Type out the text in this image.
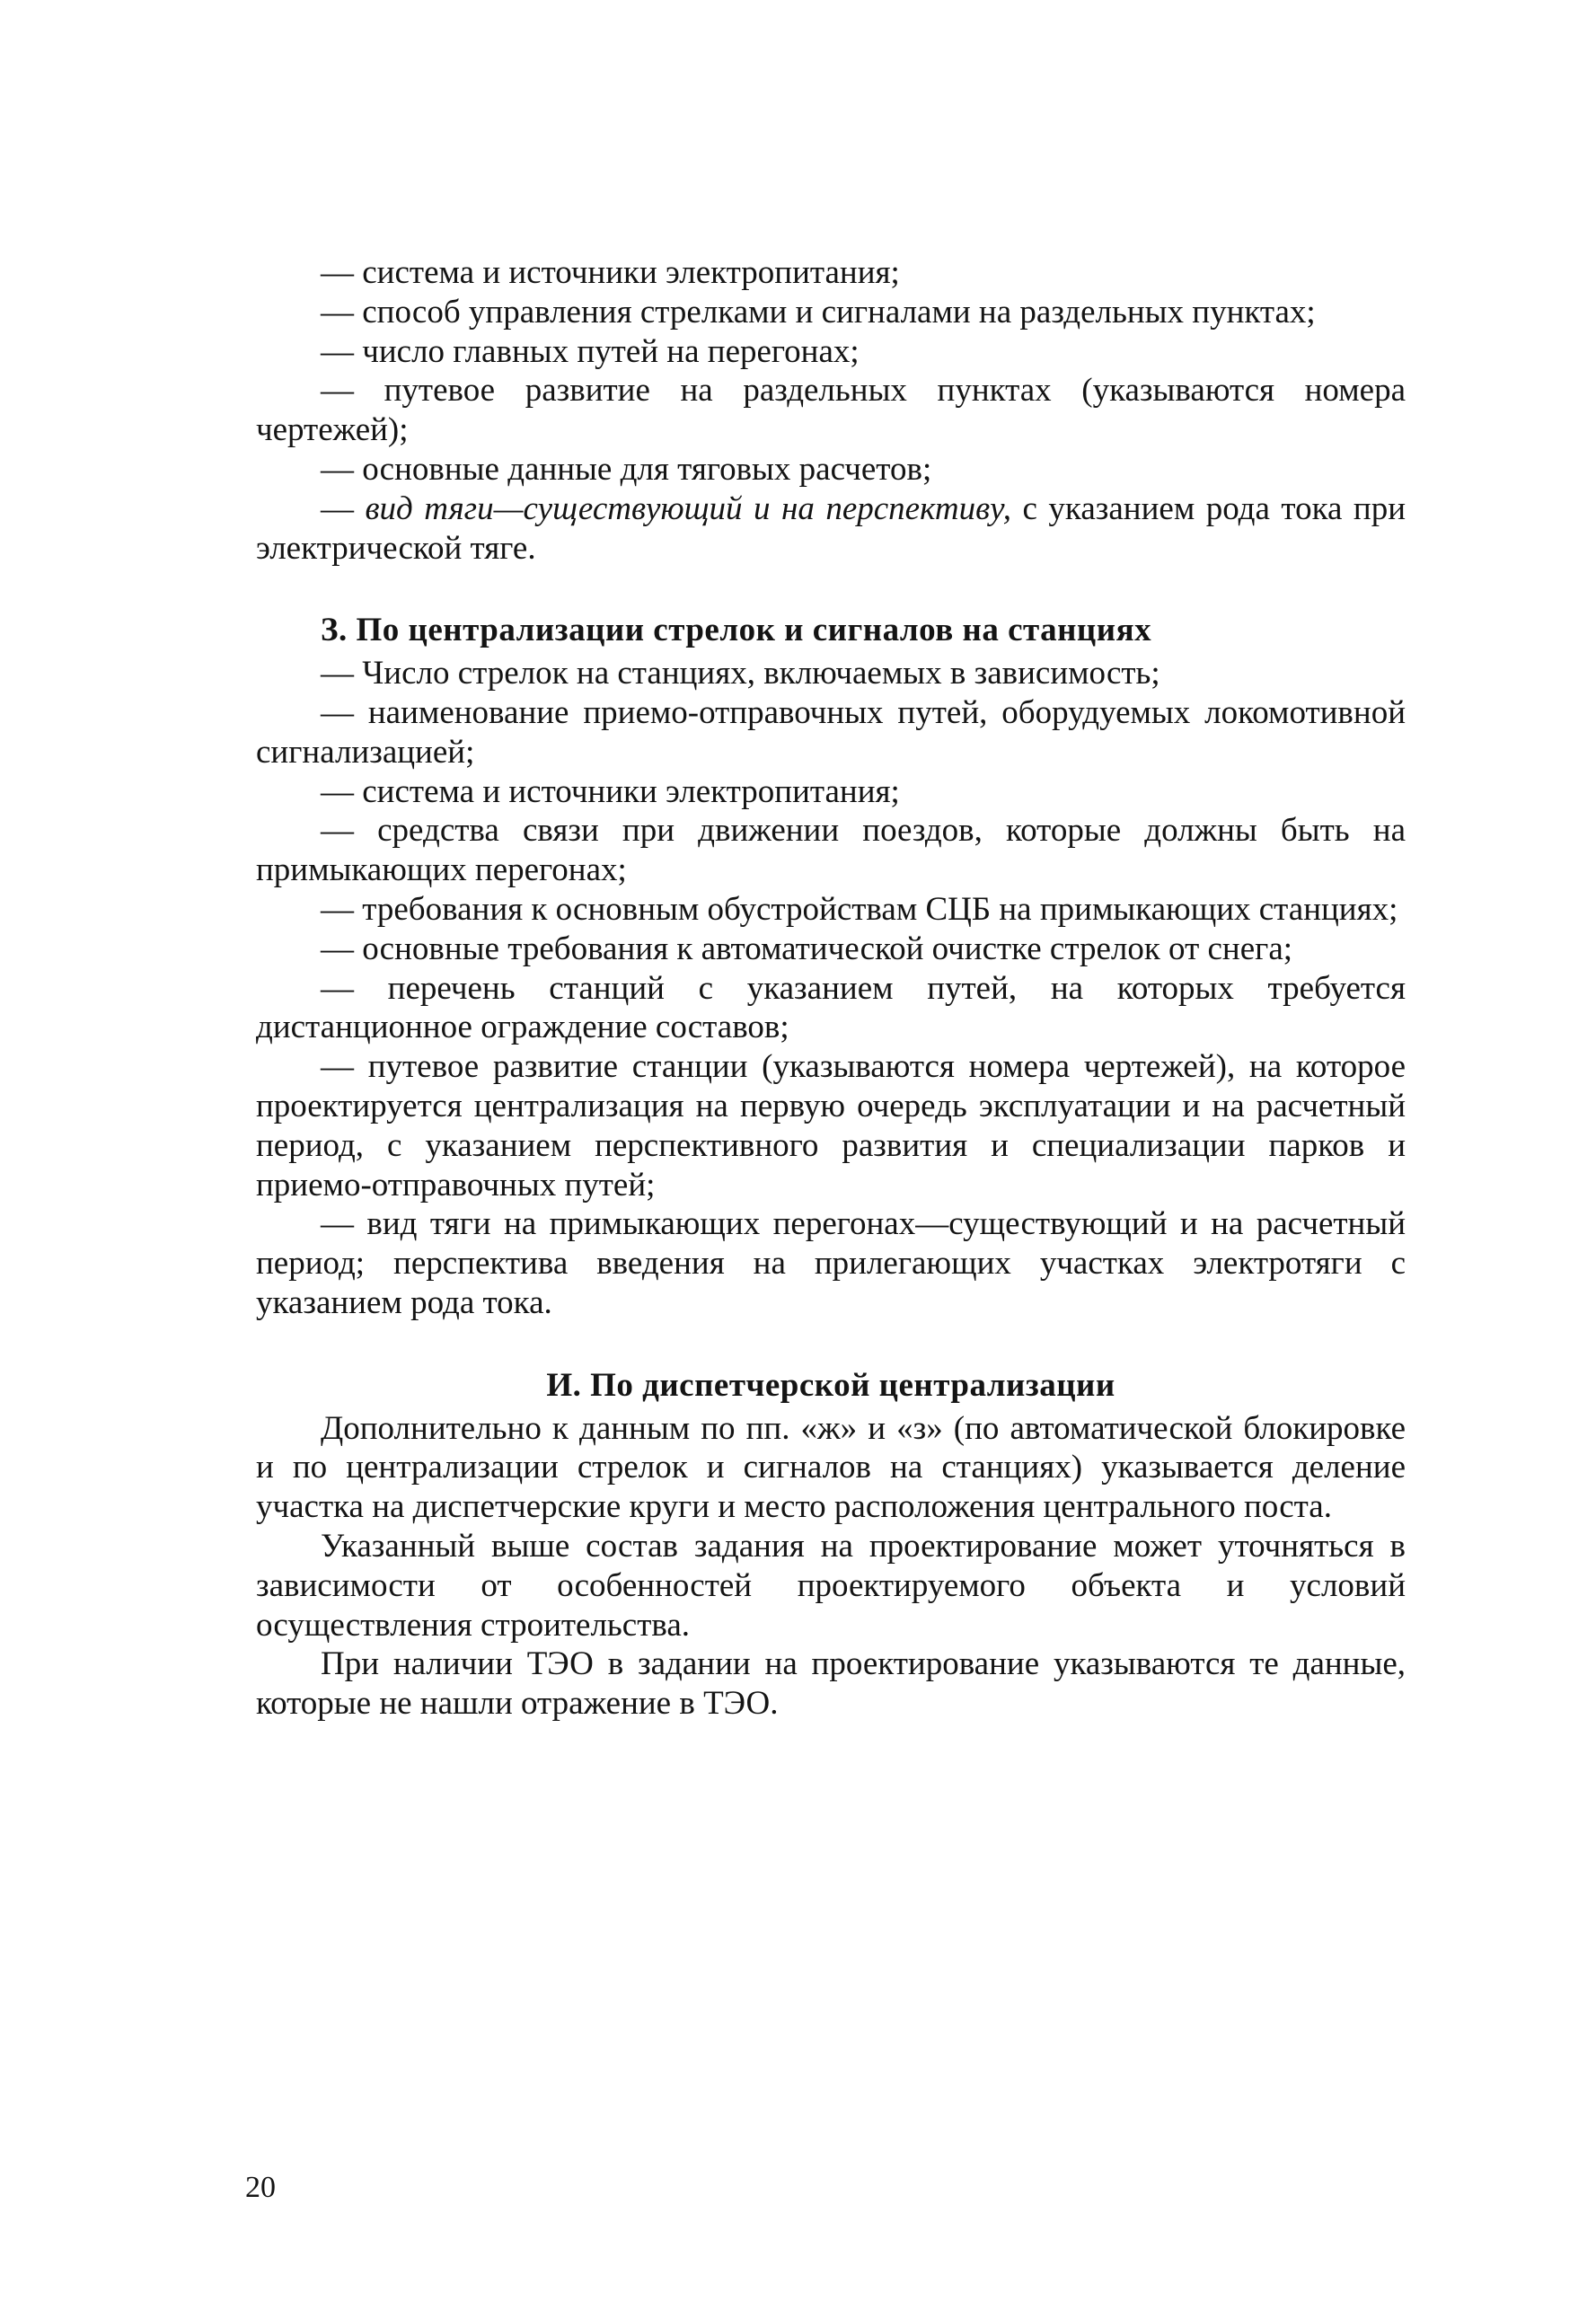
— система и источники электропитания;

— способ управления стрелками и сигналами на раздельных пунктах;

— число главных путей на перегонах;

— путевое развитие на раздельных пунктах (указываются номера чертежей);

— основные данные для тяговых расчетов;

— вид тяги—существующий и на перспективу, с указанием рода тока при электрической тяге.

З. По централизации стрелок и сигналов на станциях

— Число стрелок на станциях, включаемых в зависимость;

— наименование приемо-отправочных путей, оборудуемых локомотивной сигнализацией;

— система и источники электропитания;

— средства связи при движении поездов, которые должны быть на примыкающих перегонах;

— требования к основным обустройствам СЦБ на примыкающих станциях;

— основные требования к автоматической очистке стрелок от снега;

— перечень станций с указанием путей, на которых требуется дистанционное ограждение составов;

— путевое развитие станции (указываются номера чертежей), на которое проектируется централизация на первую очередь эксплуатации и на расчетный период, с указанием перспективного развития и специализации парков и приемо-отправочных путей;

— вид тяги на примыкающих перегонах—существующий и на расчетный период; перспектива введения на прилегающих участках электротяги с указанием рода тока.

И. По диспетчерской централизации

Дополнительно к данным по пп. «ж» и «з» (по автоматической блокировке и по централизации стрелок и сигналов на станциях) указывается деление участка на диспетчерские круги и место расположения центрального поста.

Указанный выше состав задания на проектирование может уточняться в зависимости от особенностей проектируемого объекта и условий осуществления строительства.

При наличии ТЭО в задании на проектирование указываются те данные, которые не нашли отражение в ТЭО.

20
